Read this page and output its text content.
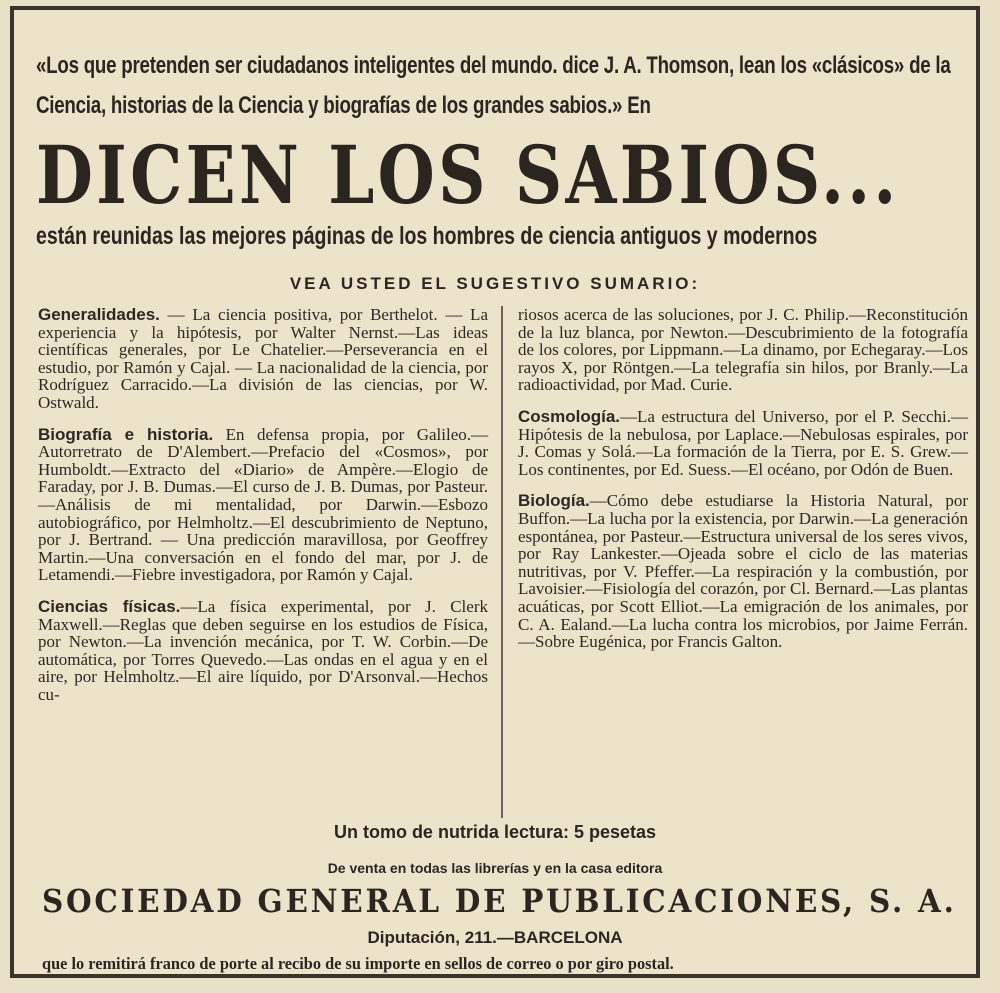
«Los que pretenden ser ciudadanos inteligentes del mundo. dice J. A. Thomson, lean los «clásicos» de la Ciencia, historias de la Ciencia y biografías de los grandes sabios.» En
DICEN LOS SABIOS...
están reunidas las mejores páginas de los hombres de ciencia antiguos y modernos
VEA USTED EL SUGESTIVO SUMARIO:
Generalidades. — La ciencia positiva, por Berthelot. — La experiencia y la hipótesis, por Walter Nernst.—Las ideas científicas generales, por Le Chatelier.—Perseverancia en el estudio, por Ramón y Cajal. — La nacionalidad de la ciencia, por Rodríguez Carracido.—La división de las ciencias, por W. Ostwald.
Biografía e historia. En defensa propia, por Galileo.—Autorretrato de D'Alembert.—Prefacio del «Cosmos», por Humboldt.—Extracto del «Diario» de Ampère.—Elogio de Faraday, por J. B. Dumas.—El curso de J. B. Dumas, por Pasteur.—Análisis de mi mentalidad, por Darwin.—Esbozo autobiográfico, por Helmholtz.—El descubrimiento de Neptuno, por J. Bertrand. — Una predicción maravillosa, por Geoffrey Martin.—Una conversación en el fondo del mar, por J. de Letamendi.—Fiebre investigadora, por Ramón y Cajal.
Ciencias físicas.—La física experimental, por J. Clerk Maxwell.—Reglas que deben seguirse en los estudios de Física, por Newton.—La invención mecánica, por T. W. Corbin.—De automática, por Torres Quevedo.—Las ondas en el agua y en el aire, por Helmholtz.—El aire líquido, por D'Arsonval.—Hechos cu-
riosos acerca de las soluciones, por J. C. Philip.—Reconstitución de la luz blanca, por Newton.—Descubrimiento de la fotografía de los colores, por Lippmann.—La dinamo, por Echegaray.—Los rayos X, por Röntgen.—La telegrafía sin hilos, por Branly.—La radioactividad, por Mad. Curie.
Cosmología.—La estructura del Universo, por el P. Secchi.—Hipótesis de la nebulosa, por Laplace.—Nebulosas espirales, por J. Comas y Solá.—La formación de la Tierra, por E. S. Grew.—Los continentes, por Ed. Suess.—El océano, por Odón de Buen.
Biología.—Cómo debe estudiarse la Historia Natural, por Buffon.—La lucha por la existencia, por Darwin.—La generación espontánea, por Pasteur.—Estructura universal de los seres vivos, por Ray Lankester.—Ojeada sobre el ciclo de las materias nutritivas, por V. Pfeffer.—La respiración y la combustión, por Lavoisier.—Fisiología del corazón, por Cl. Bernard.—Las plantas acuáticas, por Scott Elliot.—La emigración de los animales, por C. A. Ealand.—La lucha contra los microbios, por Jaime Ferrán.—Sobre Eugénica, por Francis Galton.
Un tomo de nutrida lectura: 5 pesetas
De venta en todas las librerías y en la casa editora
SOCIEDAD GENERAL DE PUBLICACIONES, S. A.
Diputación, 211.—BARCELONA
que lo remitirá franco de porte al recibo de su importe en sellos de correo o por giro postal.
